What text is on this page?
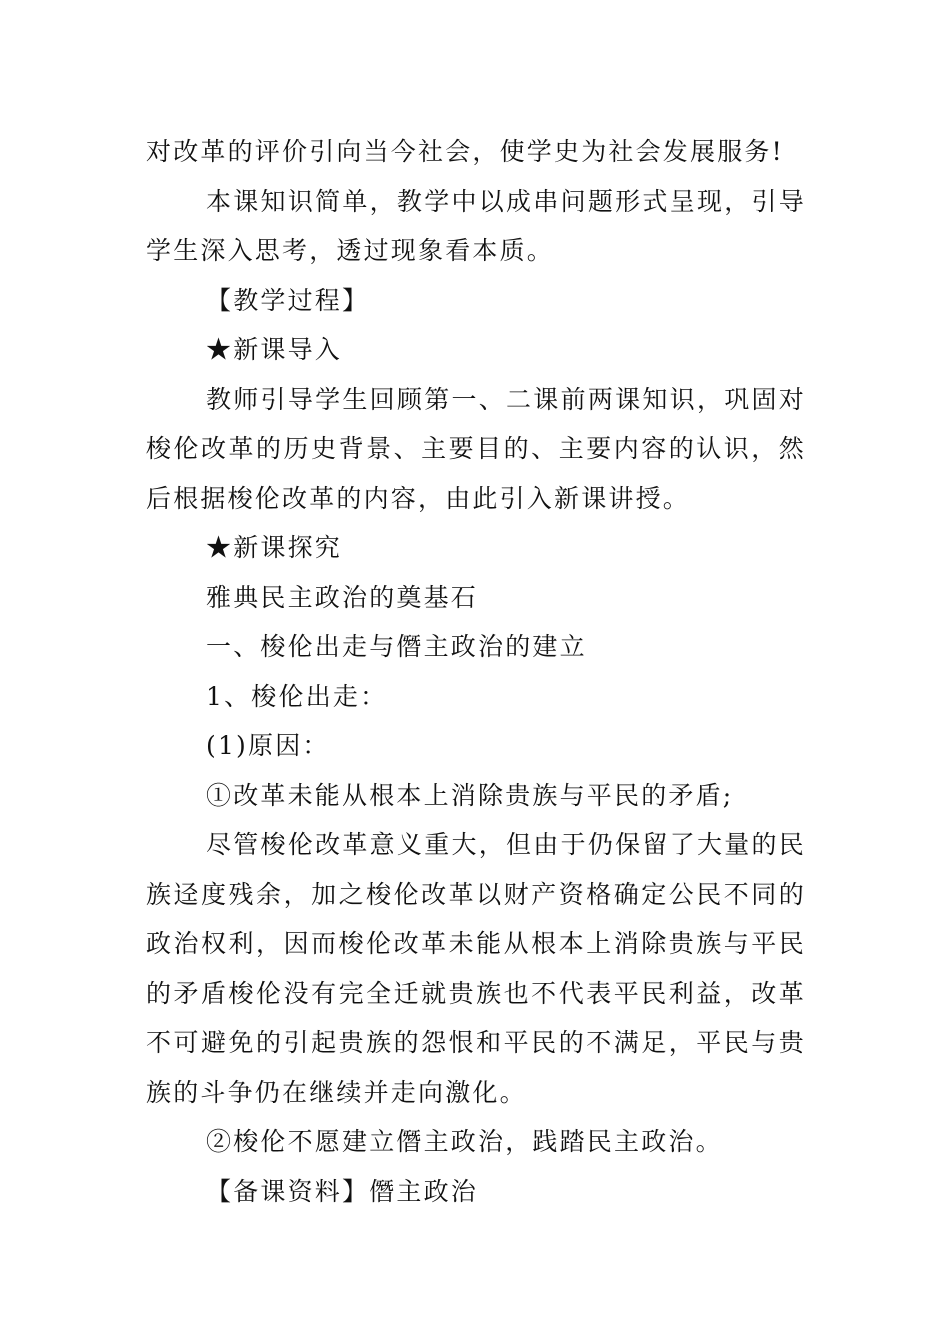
对改革的评价引向当今社会，使学史为社会发展服务!

本课知识简单，教学中以成串问题形式呈现，引导学生深入思考，透过现象看本质。

【教学过程】

★新课导入

教师引导学生回顾第一、二课前两课知识，巩固对梭伦改革的历史背景、主要目的、主要内容的认识，然后根据梭伦改革的内容，由此引入新课讲授。

★新课探究

雅典民主政治的奠基石

一、梭伦出走与僭主政治的建立

1、梭伦出走：

(1)原因：

①改革未能从根本上消除贵族与平民的矛盾;

尽管梭伦改革意义重大，但由于仍保留了大量的民族迳度残余，加之梭伦改革以财产资格确定公民不同的政治权利，因而梭伦改革未能从根本上消除贵族与平民的矛盾梭伦没有完全迁就贵族也不代表平民利益，改革不可避免的引起贵族的怨恨和平民的不满足，平民与贵族的斗争仍在继续并走向激化。

②梭伦不愿建立僭主政治，践踏民主政治。

【备课资料】僭主政治
